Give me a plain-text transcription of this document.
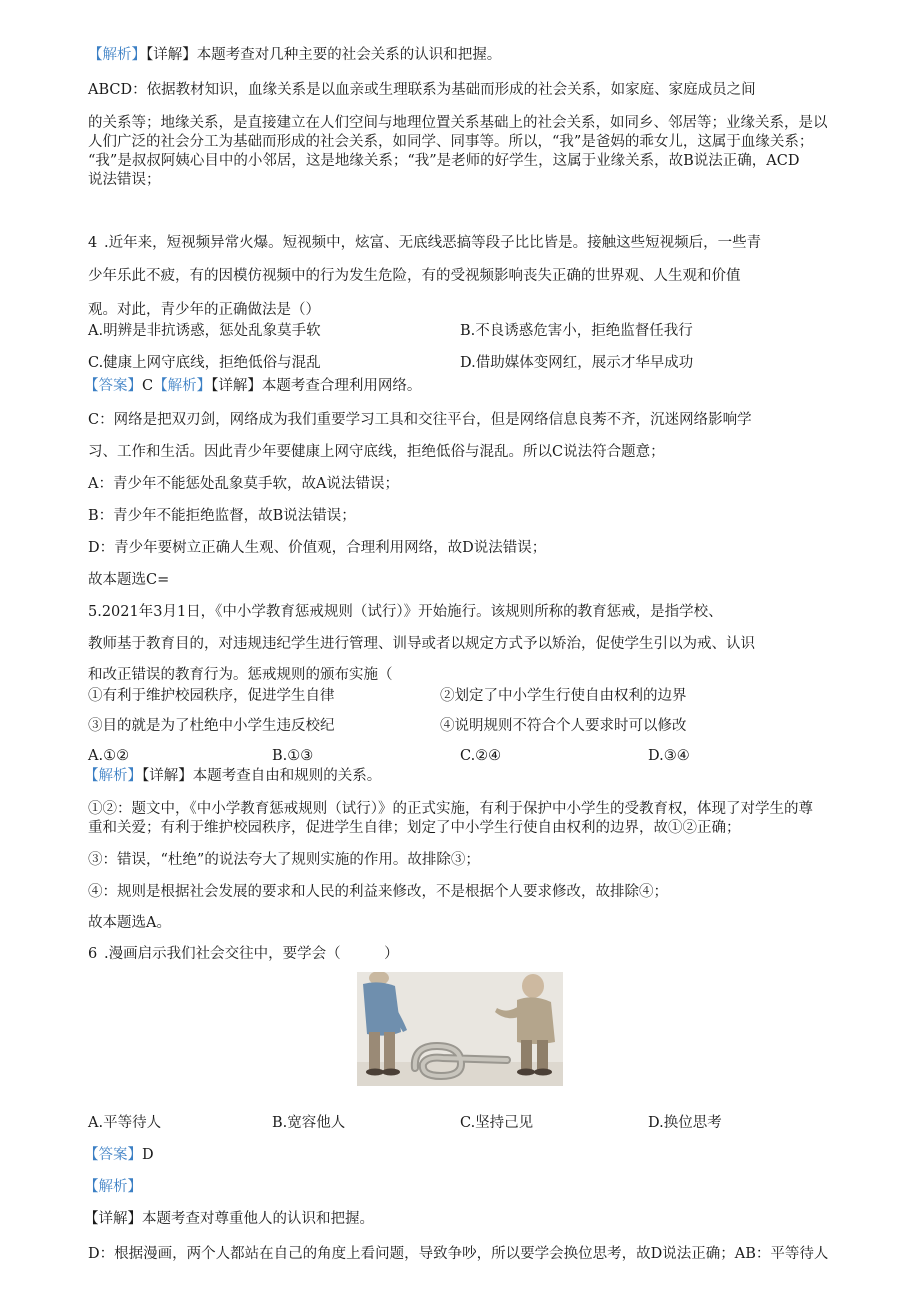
【解析】【详解】本题考查对几种主要的社会关系的认识和把握。
ABCD：依据教材知识，血缘关系是以血亲或生理联系为基础而形成的社会关系，如家庭、家庭成员之间
的关系等；地缘关系，是直接建立在人们空间与地理位置关系基础上的社会关系，如同乡、邻居等；业缘关系，是以
人们广泛的社会分工为基础而形成的社会关系，如同学、同事等。所以，“我”是爸妈的乖女儿，这属于血缘关系；
“我”是叔叔阿姨心目中的小邻居，这是地缘关系；“我”是老师的好学生，这属于业缘关系，故B说法正确，ACD
说法错误；
4 .近年来，短视频异常火爆。短视频中，炫富、无底线恶搞等段子比比皆是。接触这些短视频后，一些青
少年乐此不疲，有的因模仿视频中的行为发生危险，有的受视频影响丧失正确的世界观、人生观和价值
观。对此，青少年的正确做法是（）
A.明辨是非抗诱惑，惩处乱象莫手软	B.不良诱惑危害小，拒绝监督任我行
C.健康上网守底线，拒绝低俗与混乱	D.借助媒体变网红，展示才华早成功
【答案】C【解析】【详解】本题考查合理利用网络。
C：网络是把双刃剑，网络成为我们重要学习工具和交往平台，但是网络信息良莠不齐，沉迷网络影响学
习、工作和生活。因此青少年要健康上网守底线，拒绝低俗与混乱。所以C说法符合题意；
A：青少年不能惩处乱象莫手软，故A说法错误；
B：青少年不能拒绝监督，故B说法错误；
D：青少年要树立正确人生观、价值观，合理利用网络，故D说法错误；
故本题选C=
5.2021年3月1日，《中小学教育惩戒规则（试行）》开始施行。该规则所称的教育惩戒，是指学校、
教师基于教育目的，对违规违纪学生进行管理、训导或者以规定方式予以矫治，促使学生引以为戒、认识
和改正错误的教育行为。惩戒规则的颁布实施（
①有利于维护校园秩序，促进学生自律	②划定了中小学生行使自由权利的边界
③目的就是为了杜绝中小学生违反校纪	④说明规则不符合个人要求时可以修改
A.①②	B.①③	C.②④	D.③④
【解析】【详解】本题考查自由和规则的关系。
①②：题文中，《中小学教育惩戒规则（试行）》的正式实施，有利于保护中小学生的受教育权，体现了对学生的尊
重和关爱；有利于维护校园秩序，促进学生自律；划定了中小学生行使自由权利的边界，故①②正确；
③：错误，“杜绝”的说法夸大了规则实施的作用。故排除③；
④：规则是根据社会发展的要求和人民的利益来修改，不是根据个人要求修改，故排除④；
故本题选A。
6 .漫画启示我们社会交往中，要学会（　　　）
A.平等待人	B.宽容他人	C.坚持己见	D.换位思考
【答案】D
【解析】
【详解】本题考查对尊重他人的认识和把握。
D：根据漫画，两个人都站在自己的角度上看问题，导致争吵，所以要学会换位思考，故D说法正确；AB：平等待人
